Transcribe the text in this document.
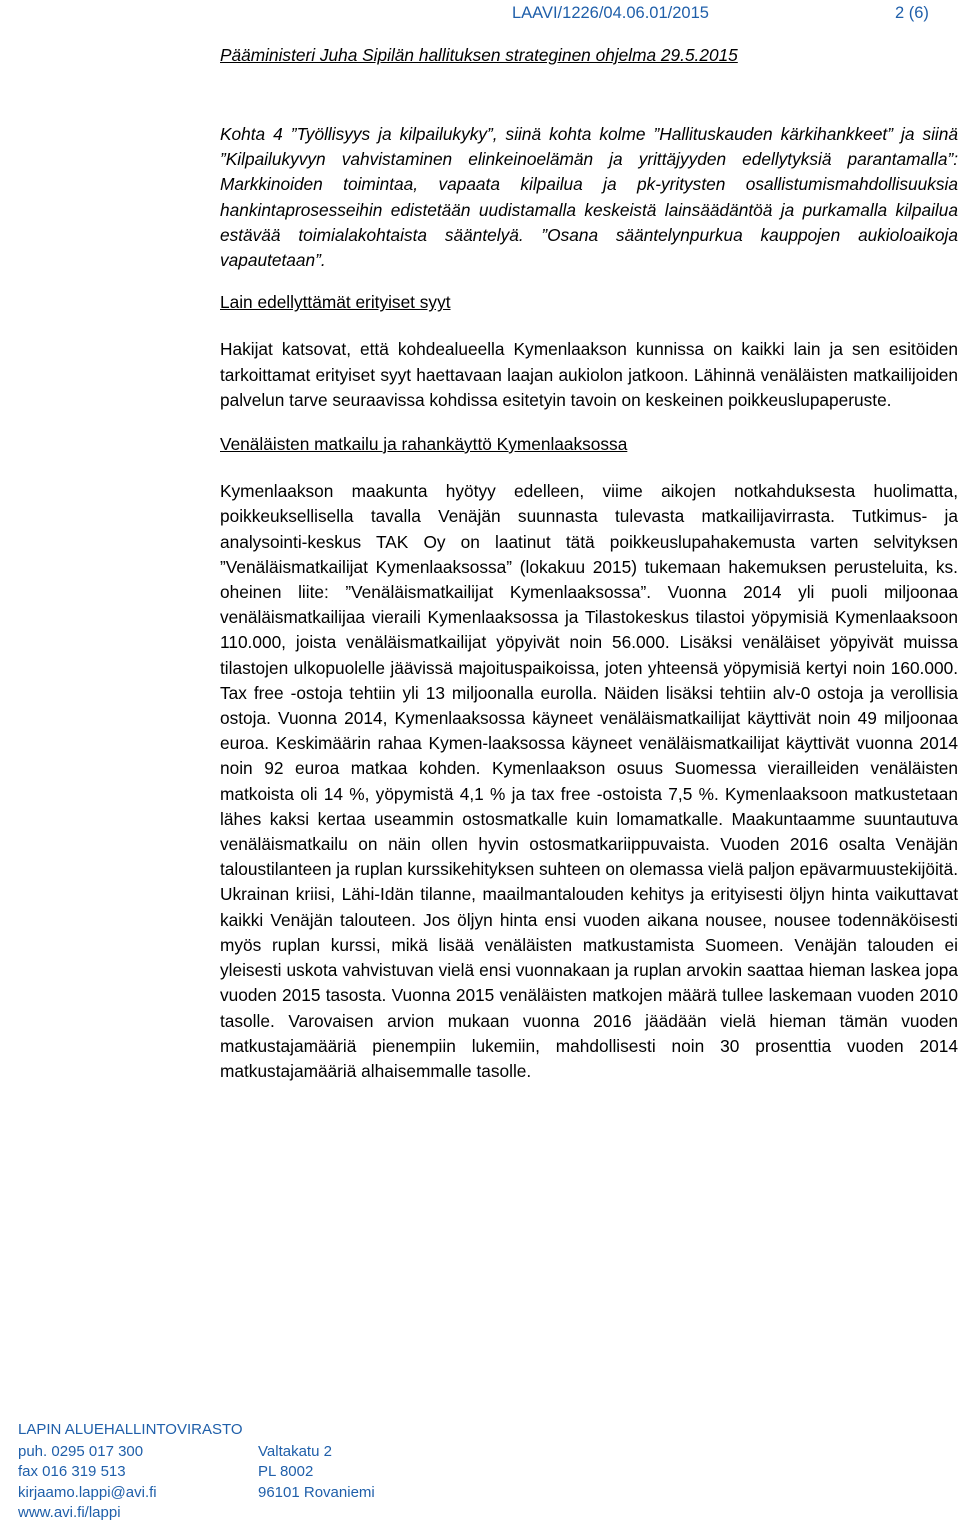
LAAVI/1226/04.06.01/2015	2 (6)
Pääministeri Juha Sipilän hallituksen strateginen ohjelma 29.5.2015

Kohta 4 ”Työllisyys ja kilpailukyky”, siinä kohta kolme ”Hallituskauden kärkihankkeet” ja siinä ”Kilpailukyvyn vahvistaminen elinkeinoelämän ja yrittäjyyden edellytyksiä parantamalla”: Markkinoiden toimintaa, vapaata kilpailua ja pk-yritysten osallistumismahdollisuuksia hankintaprosesseihin edistetään uudistamalla keskeistä lainsäädäntöä ja purkamalla kilpailua estävää toimialakohtaista sääntelyä. ”Osana sääntelynpurkua kauppojen aukioloaikoja vapautetaan”.

Lain edellyttämät erityiset syyt

Hakijat katsovat, että kohdealueella Kymenlaakson kunnissa on kaikki lain ja sen esitöiden tarkoittamat erityiset syyt haettavaan laajan aukiolon jatkoon. Lähinnä venäläisten matkailijoiden palvelun tarve seuraavissa kohdissa esitetyin tavoin on keskeinen poikkeuslupaperuste.

Venäläisten matkailu ja rahankäyttö Kymenlaaksossa

Kymenlaakson maakunta hyötyy edelleen, viime aikojen notkahduksesta huolimatta, poikkeuksellisella tavalla Venäjän suunnasta tulevasta matkailijavirrasta. Tutkimus- ja analysointi-keskus TAK Oy on laatinut tätä poikkeuslupahakemusta varten selvityksen ”Venäläismatkailijat Kymenlaaksossa” (lokakuu 2015) tukemaan hakemuksen perusteluita, ks. oheinen liite: ”Venäläismatkailijat Kymenlaaksossa”. Vuonna 2014 yli puoli miljoonaa venäläismatkailijaa vieraili Kymenlaaksossa ja Tilastokeskus tilastoi yöpymisiä Kymenlaaksoon 110.000, joista venäläismatkailijat yöpyivät noin 56.000. Lisäksi venäläiset yöpyivät muissa tilastojen ulkopuolelle jäävissä majoituspaikoissa, joten yhteensä yöpymisiä kertyi noin 160.000. Tax free -ostoja tehtiin yli 13 miljoonalla eurolla. Näiden lisäksi tehtiin alv-0 ostoja ja verollisia ostoja. Vuonna 2014, Kymenlaaksossa käyneet venäläismatkailijat käyttivät noin 49 miljoonaa euroa. Keskimäärin rahaa Kymen-laaksossa käyneet venäläismatkailijat käyttivät vuonna 2014 noin 92 euroa matkaa kohden. Kymenlaakson osuus Suomessa vierailleiden venäläisten matkoista oli 14 %, yöpymistä 4,1 % ja tax free -ostoista 7,5 %. Kymenlaaksoon matkustetaan lähes kaksi kertaa useammin ostosmatkalle kuin lomamatkalle. Maakuntaamme suuntautuva venäläismatkailu on näin ollen hyvin ostosmatkariippuvaista. Vuoden 2016 osalta Venäjän taloustilanteen ja ruplan kurssikehityksen suhteen on olemassa vielä paljon epävarmuustekijöitä. Ukrainan kriisi, Lähi-Idän tilanne, maailmantalouden kehitys ja erityisesti öljyn hinta vaikuttavat kaikki Venäjän talouteen. Jos öljyn hinta ensi vuoden aikana nousee, nousee todennäköisesti myös ruplan kurssi, mikä lisää venäläisten matkustamista Suomeen. Venäjän talouden ei yleisesti uskota vahvistuvan vielä ensi vuonnakaan ja ruplan arvokin saattaa hieman laskea jopa vuoden 2015 tasosta. Vuonna 2015 venäläisten matkojen määrä tullee laskemaan vuoden 2010 tasolle. Varovaisen arvion mukaan vuonna 2016 jäädään vielä hieman tämän vuoden matkustajamääriä pienempiin lukemiin, mahdollisesti noin 30 prosenttia vuoden 2014 matkustajamääriä alhaisemmalle tasolle.

LAPIN ALUEHALLINTOVIRASTO
puh. 0295 017 300
fax 016 319 513
kirjaamo.lappi@avi.fi
www.avi.fi/lappi
Valtakatu 2
PL 8002
96101 Rovaniemi
